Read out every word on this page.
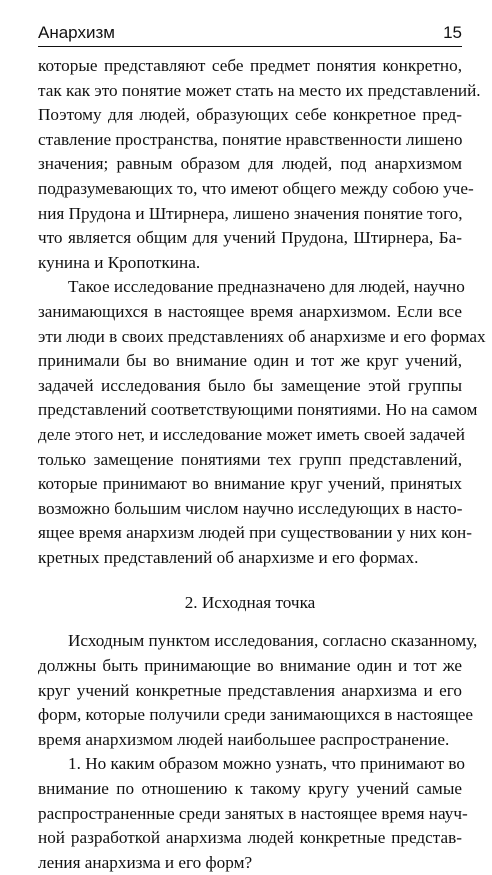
Анархизм	15
которые представляют себе предмет понятия конкретно,
так как это понятие может стать на место их представлений.
Поэтому для людей, образующих себе конкретное пред-
ставление пространства, понятие нравственности лишено
значения; равным образом для людей, под анархизмом
подразумевающих то, что имеют общего между собою уче-
ния Прудона и Штирнера, лишено значения понятие того,
что является общим для учений Прудона, Штирнера, Ба-
кунина и Кропоткина.
Такое исследование предназначено для людей, научно
занимающихся в настоящее время анархизмом. Если все
эти люди в своих представлениях об анархизме и его формах
принимали бы во внимание один и тот же круг учений,
задачей исследования было бы замещение этой группы
представлений соответствующими понятиями. Но на самом
деле этого нет, и исследование может иметь своей задачей
только замещение понятиями тех групп представлений,
которые принимают во внимание круг учений, принятых
возможно большим числом научно исследующих в насто-
ящее время анархизм людей при существовании у них кон-
кретных представлений об анархизме и его формах.
2. Исходная точка
Исходным пунктом исследования, согласно сказанному,
должны быть принимающие во внимание один и тот же
круг учений конкретные представления анархизма и его
форм, которые получили среди занимающихся в настоящее
время анархизмом людей наибольшее распространение.
1. Но каким образом можно узнать, что принимают во
внимание по отношению к такому кругу учений самые
распространенные среди занятых в настоящее время науч-
ной разработкой анархизма людей конкретные представ-
ления анархизма и его форм?
